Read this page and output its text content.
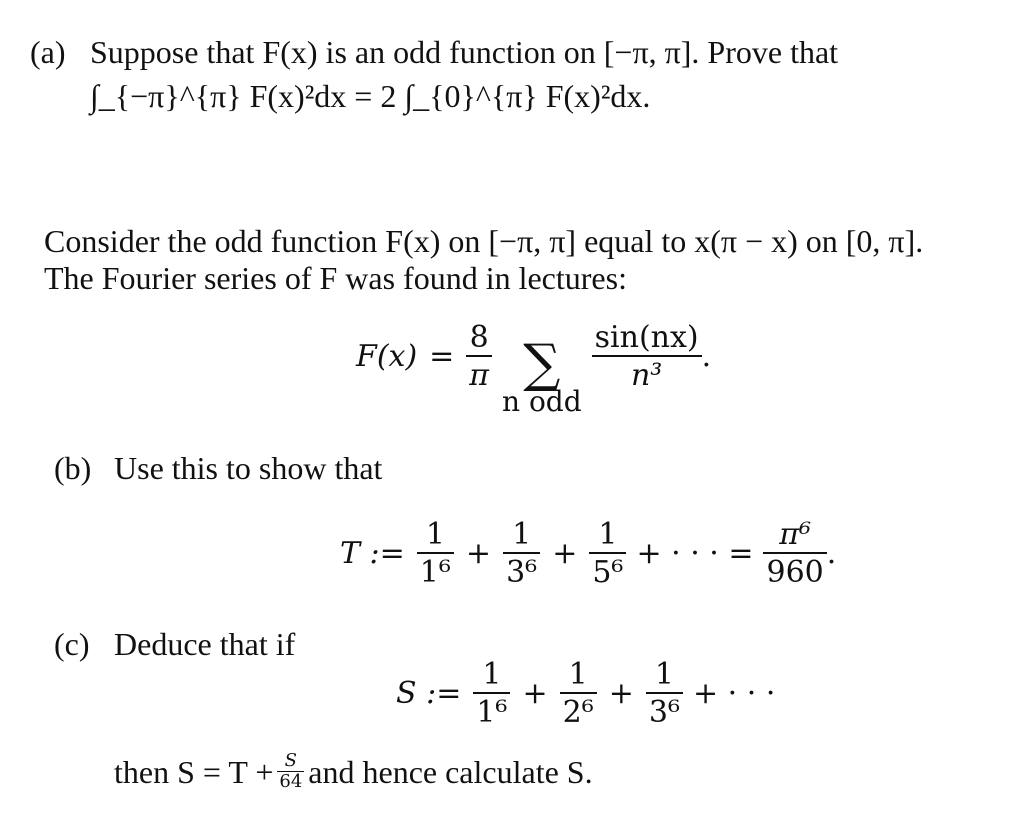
(a) Suppose that F(x) is an odd function on [−π, π]. Prove that
∫_{−π}^{π} F(x)²dx = 2 ∫_{0}^{π} F(x)²dx.
Consider the odd function F(x) on [−π, π] equal to x(π − x) on [0, π].
The Fourier series of F was found in lectures:
$F(x) = \frac{8}{\pi}$ ∑
n odd
$\frac{\sin(nx)}{\text{n³}}$ .
(b) Use this to show that
T := $\frac{1}{\text{1⁶}} + \frac{1}{\text{3⁶}} + \frac{1}{\text{5⁶}}$ + · · · = $\frac{\text{π⁶}}{960}$ .
(c) Deduce that if
S := $\frac{1}{\text{1⁶}} + \frac{1}{\text{2⁶}} + \frac{1}{\text{3⁶}}$ + · · ·
then $S = T + \frac{S}{64}$ and hence calculate S.
